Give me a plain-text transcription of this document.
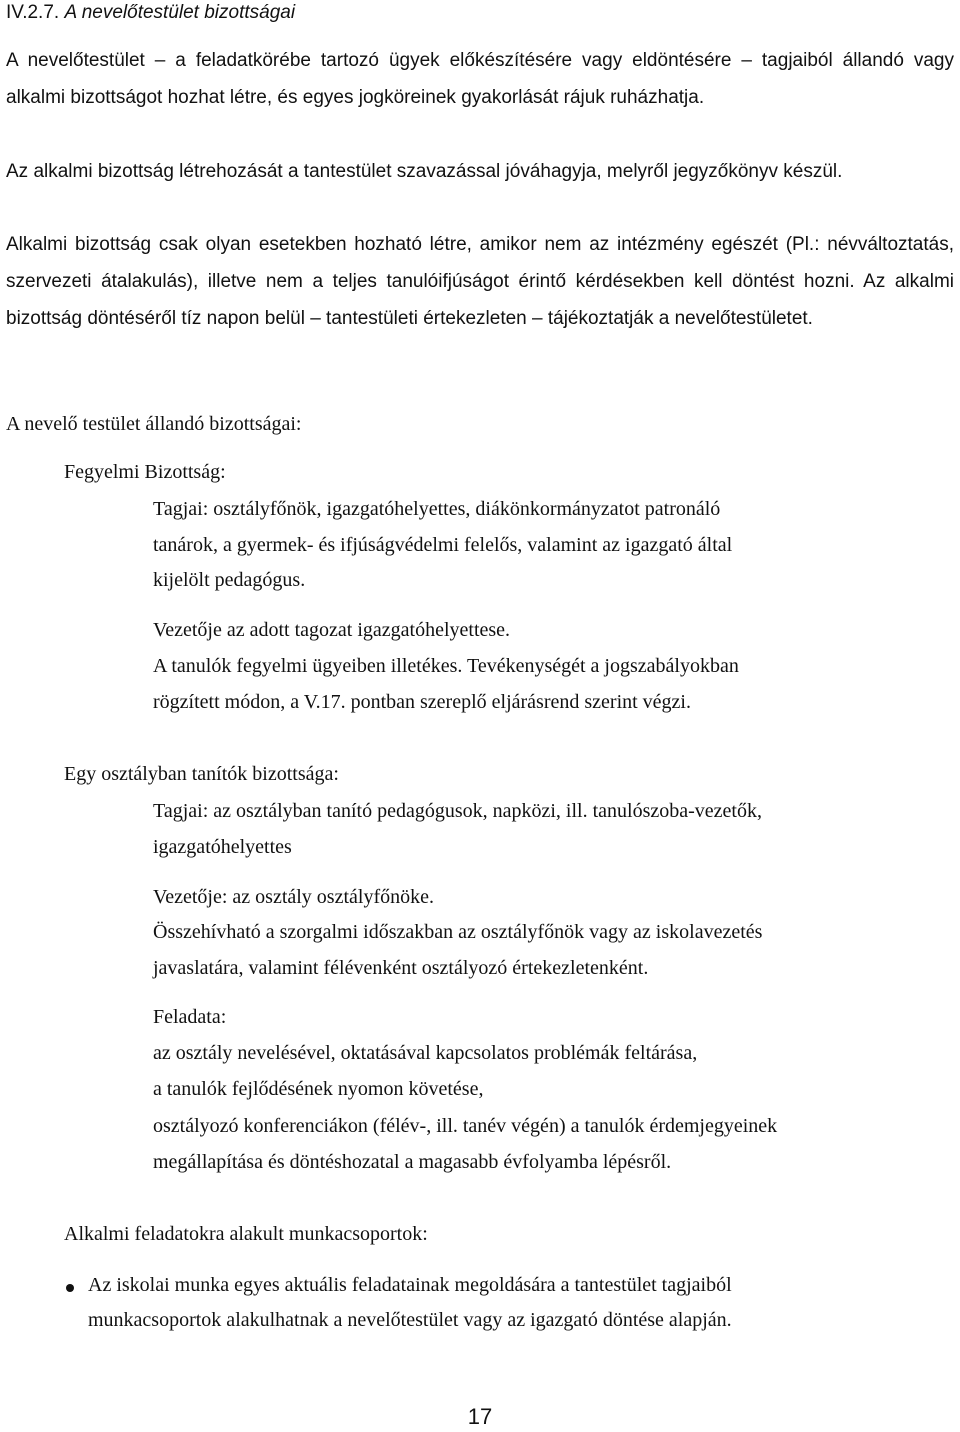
IV.2.7. A nevelőtestület bizottságai

A nevelőtestület – a feladatkörébe tartozó ügyek előkészítésére vagy eldöntésére – tagjaiból állandó vagy alkalmi bizottságot hozhat létre, és egyes jogköreinek gyakorlását rájuk ruházhatja.

Az alkalmi bizottság létrehozását a tantestület szavazással jóváhagyja, melyről jegyzőkönyv készül.

Alkalmi bizottság csak olyan esetekben hozható létre, amikor nem az intézmény egészét (Pl.: névváltoztatás, szervezeti átalakulás), illetve nem a teljes tanulóifjúságot érintő kérdésekben kell döntést hozni. Az alkalmi bizottság döntéséről tíz napon belül – tantestületi értekezleten – tájékoztatják a nevelőtestületet.

A nevelő testület állandó bizottságai:
Fegyelmi Bizottság:
Tagjai: osztályfőnök, igazgatóhelyettes, diákönkormányzatot patronáló
tanárok, a gyermek- és ifjúságvédelmi felelős, valamint az igazgató által
kijelölt pedagógus.
Vezetője az adott tagozat igazgatóhelyettese.
A tanulók fegyelmi ügyeiben illetékes. Tevékenységét a jogszabályokban
rögzített módon, a V.17. pontban szereplő eljárásrend szerint végzi.
Egy osztályban tanítók bizottsága:
Tagjai: az osztályban tanító pedagógusok, napközi, ill. tanulószoba-vezetők,
igazgatóhelyettes
Vezetője: az osztály osztályfőnöke.
Összehívható a szorgalmi időszakban az osztályfőnök vagy az iskolavezetés
javaslatára, valamint félévenként osztályozó értekezletenként.
Feladata:
az osztály nevelésével, oktatásával kapcsolatos problémák feltárása,
a tanulók fejlődésének nyomon követése,
osztályozó konferenciákon (félév-, ill. tanév végén) a tanulók érdemjegyeinek
megállapítása és döntéshozatal a magasabb évfolyamba lépésről.
Alkalmi feladatokra alakult munkacsoportok:
Az iskolai munka egyes aktuális feladatainak megoldására a tantestület tagjaiból
munkacsoportok alakulhatnak a nevelőtestület vagy az igazgató döntése alapján.
17
